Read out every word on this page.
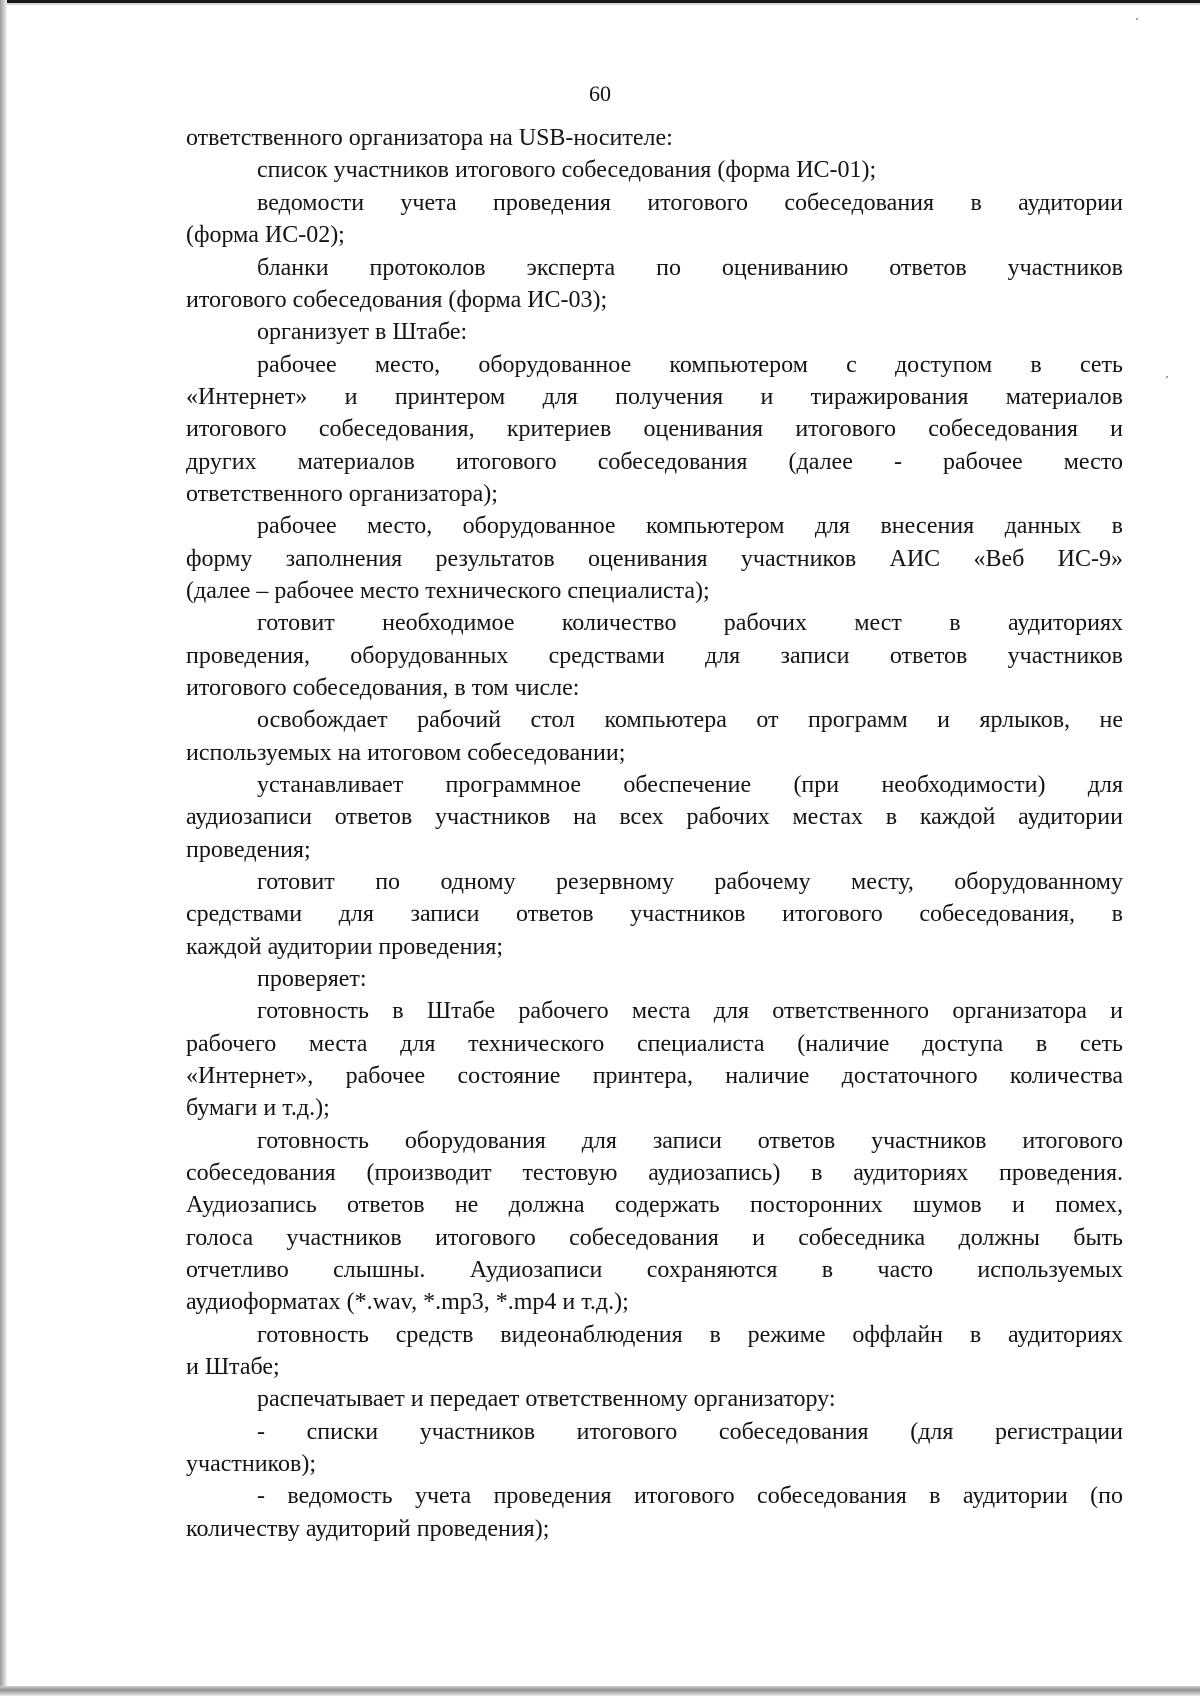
60
ответственного организатора на USB-носителе:
список участников итогового собеседования (форма ИС-01);
ведомости учета проведения итогового собеседования в аудитории
(форма ИС-02);
бланки протоколов эксперта по оцениванию ответов участников
итогового собеседования (форма ИС-03);
организует в Штабе:
рабочее место, оборудованное компьютером с доступом в сеть
«Интернет» и принтером для получения и тиражирования материалов
итогового собеседования, критериев оценивания итогового собеседования и
других материалов итогового собеседования (далее - рабочее место
ответственного организатора);
рабочее место, оборудованное компьютером для внесения данных в
форму заполнения результатов оценивания участников АИС «Веб ИС-9»
(далее – рабочее место технического специалиста);
готовит необходимое количество рабочих мест в аудиториях
проведения, оборудованных средствами для записи ответов участников
итогового собеседования, в том числе:
освобождает рабочий стол компьютера от программ и ярлыков, не
используемых на итоговом собеседовании;
устанавливает программное обеспечение (при необходимости) для
аудиозаписи ответов участников на всех рабочих местах в каждой аудитории
проведения;
готовит по одному резервному рабочему месту, оборудованному
средствами для записи ответов участников итогового собеседования, в
каждой аудитории проведения;
проверяет:
готовность в Штабе рабочего места для ответственного организатора и
рабочего места для технического специалиста (наличие доступа в сеть
«Интернет», рабочее состояние принтера, наличие достаточного количества
бумаги и т.д.);
готовность оборудования для записи ответов участников итогового
собеседования (производит тестовую аудиозапись) в аудиториях проведения.
Аудиозапись ответов не должна содержать посторонних шумов и помех,
голоса участников итогового собеседования и собеседника должны быть
отчетливо слышны. Аудиозаписи сохраняются в часто используемых
аудиоформатах (*.wav, *.mp3, *.mp4 и т.д.);
готовность средств видеонаблюдения в режиме оффлайн в аудиториях
и Штабе;
распечатывает и передает ответственному организатору:
- списки участников итогового собеседования (для регистрации
участников);
- ведомость учета проведения итогового собеседования в аудитории (по
количеству аудиторий проведения);
